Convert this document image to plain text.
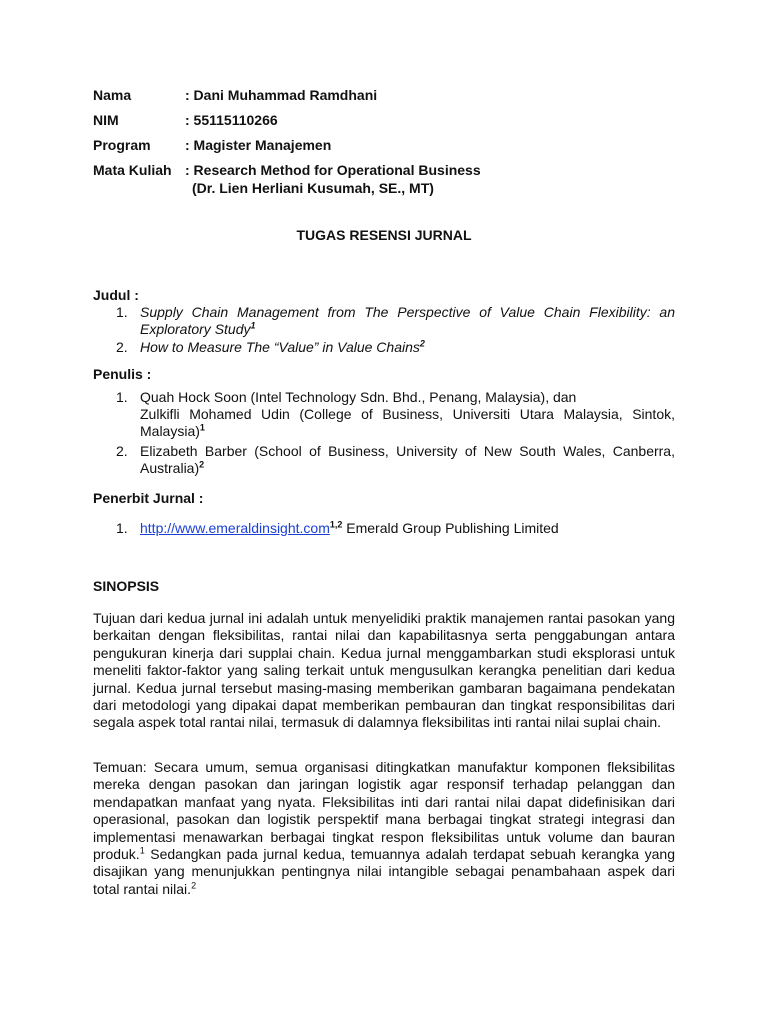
Nama	: Dani Muhammad Ramdhani
NIM	: 55115110266
Program : Magister Manajemen
Mata Kuliah : Research Method for Operational Business
(Dr. Lien Herliani Kusumah, SE., MT)
TUGAS RESENSI JURNAL
Judul :
1. Supply Chain Management from The Perspective of Value Chain Flexibility: an Exploratory Study$^1$
2. How to Measure The “Value” in Value Chains$^2$
Penulis :
1. Quah Hock Soon (Intel Technology Sdn. Bhd., Penang, Malaysia), dan
Zulkifli Mohamed Udin (College of Business, Universiti Utara Malaysia, Sintok, Malaysia)$^1$
2. Elizabeth Barber (School of Business, University of New South Wales, Canberra, Australia)$^2$
Penerbit Jurnal :
1. http://www.emeraldinsight.com$^{1,2}$ Emerald Group Publishing Limited
SINOPSIS
Tujuan dari kedua jurnal ini adalah untuk menyelidiki praktik manajemen rantai pasokan yang berkaitan dengan fleksibilitas, rantai nilai dan kapabilitasnya serta penggabungan antara pengukuran kinerja dari supplai chain. Kedua jurnal menggambarkan studi eksplorasi untuk meneliti faktor-faktor yang saling terkait untuk mengusulkan kerangka penelitian dari kedua jurnal. Kedua jurnal tersebut masing-masing memberikan gambaran bagaimana pendekatan dari metodologi yang dipakai dapat memberikan pembauran dan tingkat responsibilitas dari segala aspek total rantai nilai, termasuk di dalamnya fleksibilitas inti rantai nilai suplai chain.
Temuan: Secara umum, semua organisasi ditingkatkan manufaktur komponen fleksibilitas mereka dengan pasokan dan jaringan logistik agar responsif terhadap pelanggan dan mendapatkan manfaat yang nyata. Fleksibilitas inti dari rantai nilai dapat didefinisikan dari operasional, pasokan dan logistik perspektif mana berbagai tingkat strategi integrasi dan implementasi menawarkan berbagai tingkat respon fleksibilitas untuk volume dan bauran produk.$^1$ Sedangkan pada jurnal kedua, temuannya adalah terdapat sebuah kerangka yang disajikan yang menunjukkan pentingnya nilai intangible sebagai penambahaan aspek dari total rantai nilai.$^2$
